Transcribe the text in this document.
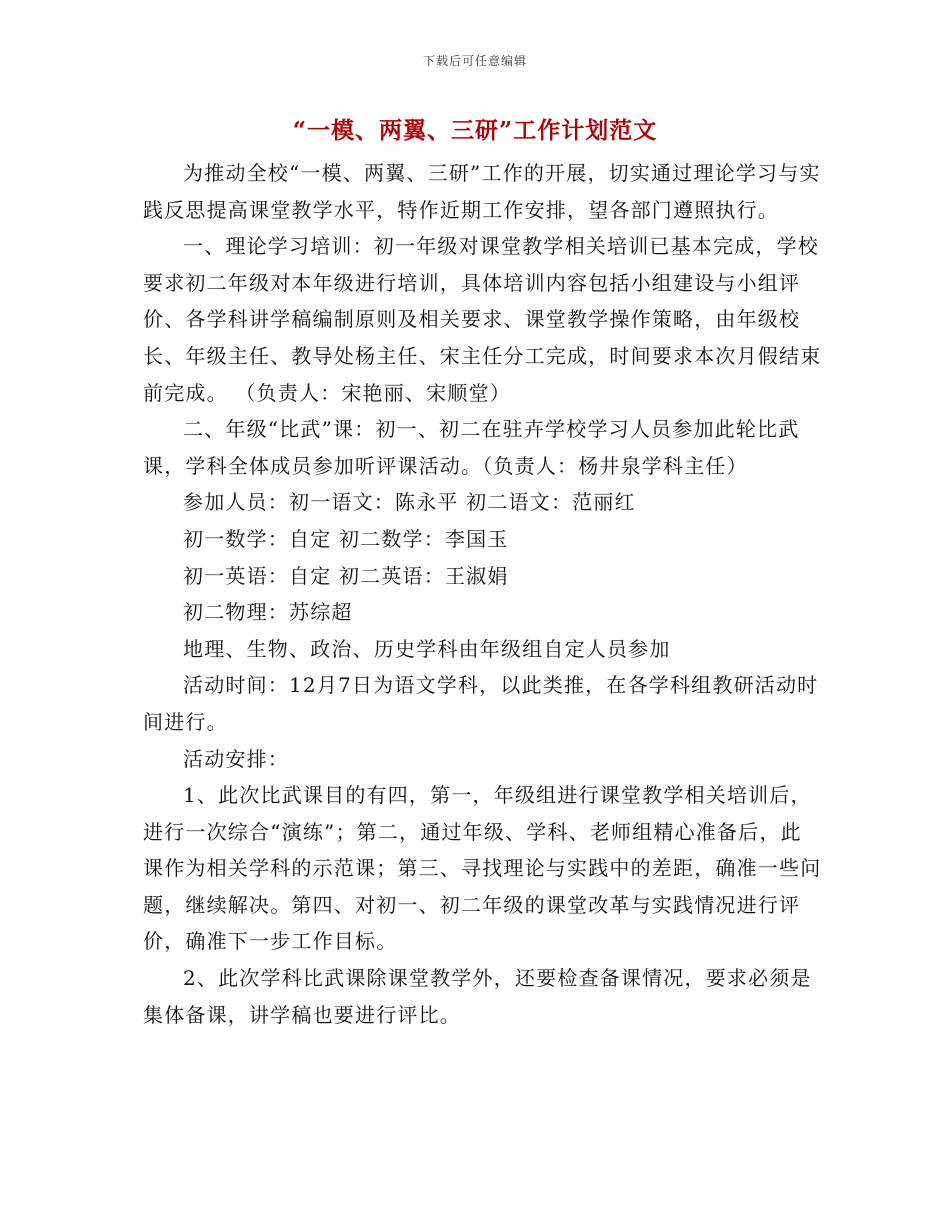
下载后可任意编辑
“一模、两翼、三研”工作计划范文

为推动全校“一模、两翼、三研”工作的开展，切实通过理论学习与实践反思提高课堂教学水平，特作近期工作安排，望各部门遵照执行。

一、理论学习培训：初一年级对课堂教学相关培训已基本完成，学校要求初二年级对本年级进行培训，具体培训内容包括小组建设与小组评价、各学科讲学稿编制原则及相关要求、课堂教学操作策略，由年级校长、年级主任、教导处杨主任、宋主任分工完成，时间要求本次月假结束前完成。 （负责人：宋艳丽、宋顺堂）

二、年级“比武”课：初一、初二在驻卉学校学习人员参加此轮比武课，学科全体成员参加听评课活动。（负责人：杨井泉学科主任）

参加人员：初一语文：陈永平 初二语文：范丽红

初一数学：自定 初二数学：李国玉

初一英语：自定 初二英语：王淑娟

初二物理：苏综超

地理、生物、政治、历史学科由年级组自定人员参加

活动时间：12月7日为语文学科，以此类推，在各学科组教研活动时间进行。

活动安排：

1、此次比武课目的有四，第一，年级组进行课堂教学相关培训后，进行一次综合“演练”；第二，通过年级、学科、老师组精心准备后，此课作为相关学科的示范课；第三、寻找理论与实践中的差距，确准一些问题，继续解决。第四、对初一、初二年级的课堂改革与实践情况进行评价，确准下一步工作目标。

2、此次学科比武课除课堂教学外，还要检查备课情况，要求必须是集体备课，讲学稿也要进行评比。
